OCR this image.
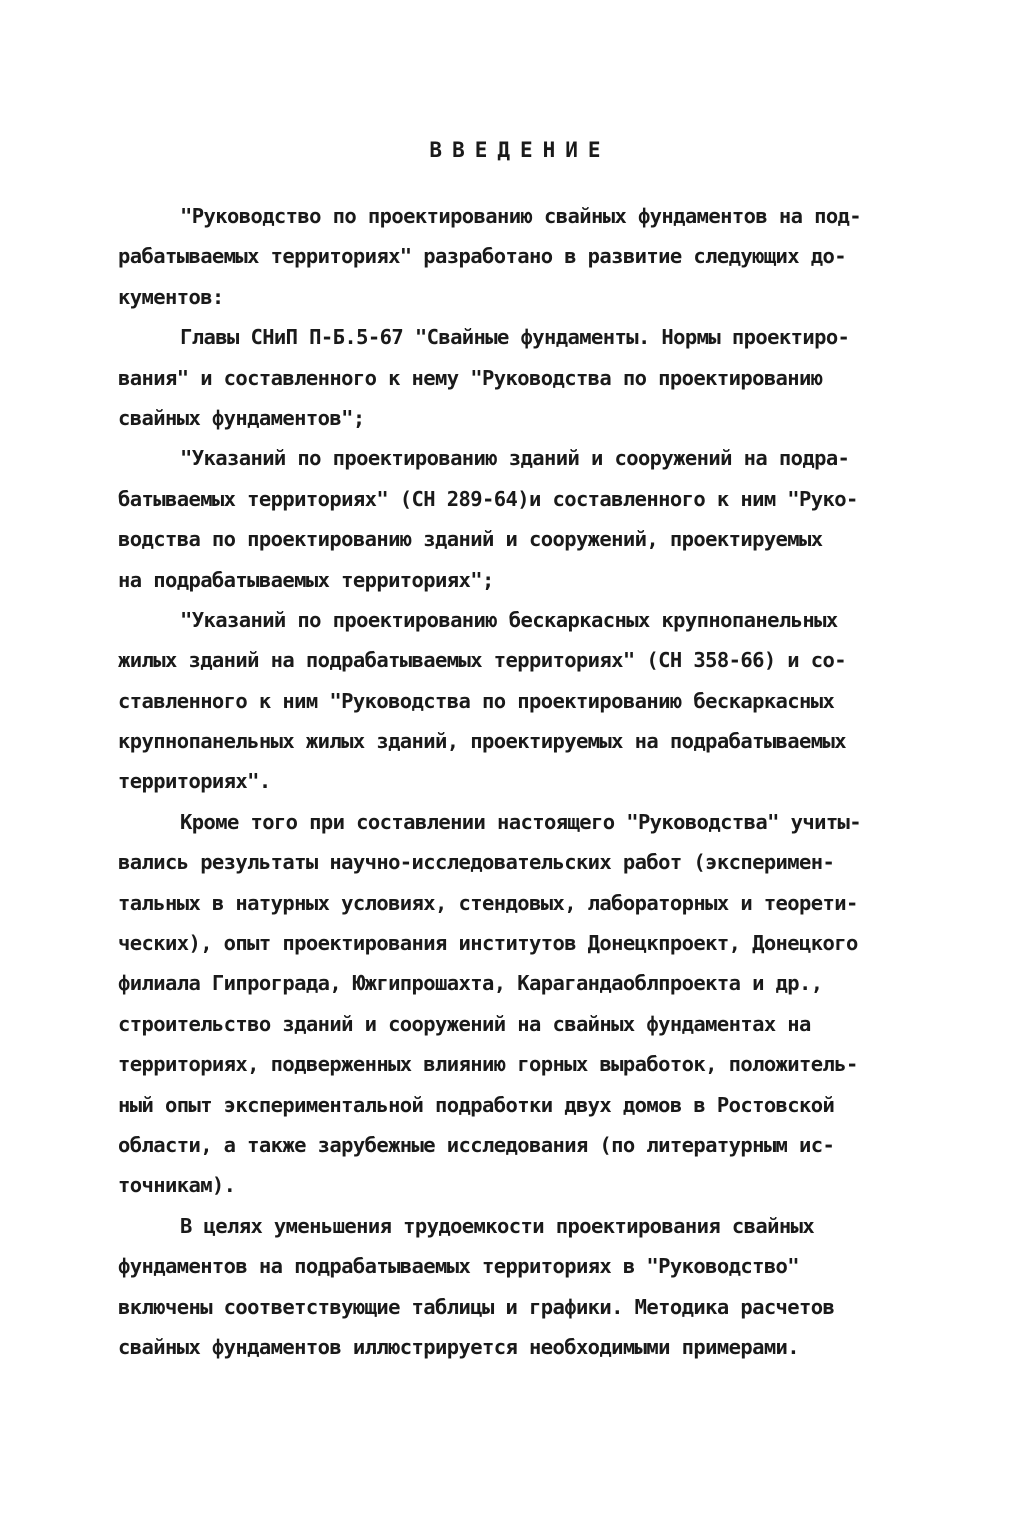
ВВЕДЕНИЕ
"Руководство по проектированию свайных фундаментов на под-
рабатываемых территориях" разработано в развитие следующих до-
кументов:
Главы СНиП П-Б.5-67 "Свайные фундаменты. Нормы проектиро-
вания" и составленного к нему "Руководства по проектированию
свайных фундаментов";
"Указаний по проектированию зданий и сооружений на подра-
батываемых территориях" (СН 289-64)и составленного к ним "Руко-
водства по проектированию зданий и сооружений, проектируемых
на подрабатываемых территориях";
"Указаний по проектированию бескаркасных крупнопанельных
жилых зданий на подрабатываемых территориях" (СН 358-66) и со-
ставленного к ним "Руководства по проектированию бескаркасных
крупнопанельных жилых зданий, проектируемых на подрабатываемых
территориях".
Кроме того при составлении настоящего "Руководства" учиты-
вались результаты научно-исследовательских работ (эксперимен-
тальных в натурных условиях, стендовых, лабораторных и теорети-
ческих), опыт проектирования институтов Донецкпроект, Донецкого
филиала Гипрограда, Южгипрошахта, Карагандаоблпроекта и др.,
строительство зданий и сооружений на свайных фундаментах на
территориях, подверженных влиянию горных выработок, положитель-
ный опыт экспериментальной подработки двух домов в Ростовской
области, а также зарубежные исследования (по литературным ис-
точникам).
В целях уменьшения трудоемкости проектирования свайных
фундаментов на подрабатываемых территориях в "Руководство"
включены соответствующие таблицы и графики. Методика расчетов
свайных фундаментов иллюстрируется необходимыми примерами.
